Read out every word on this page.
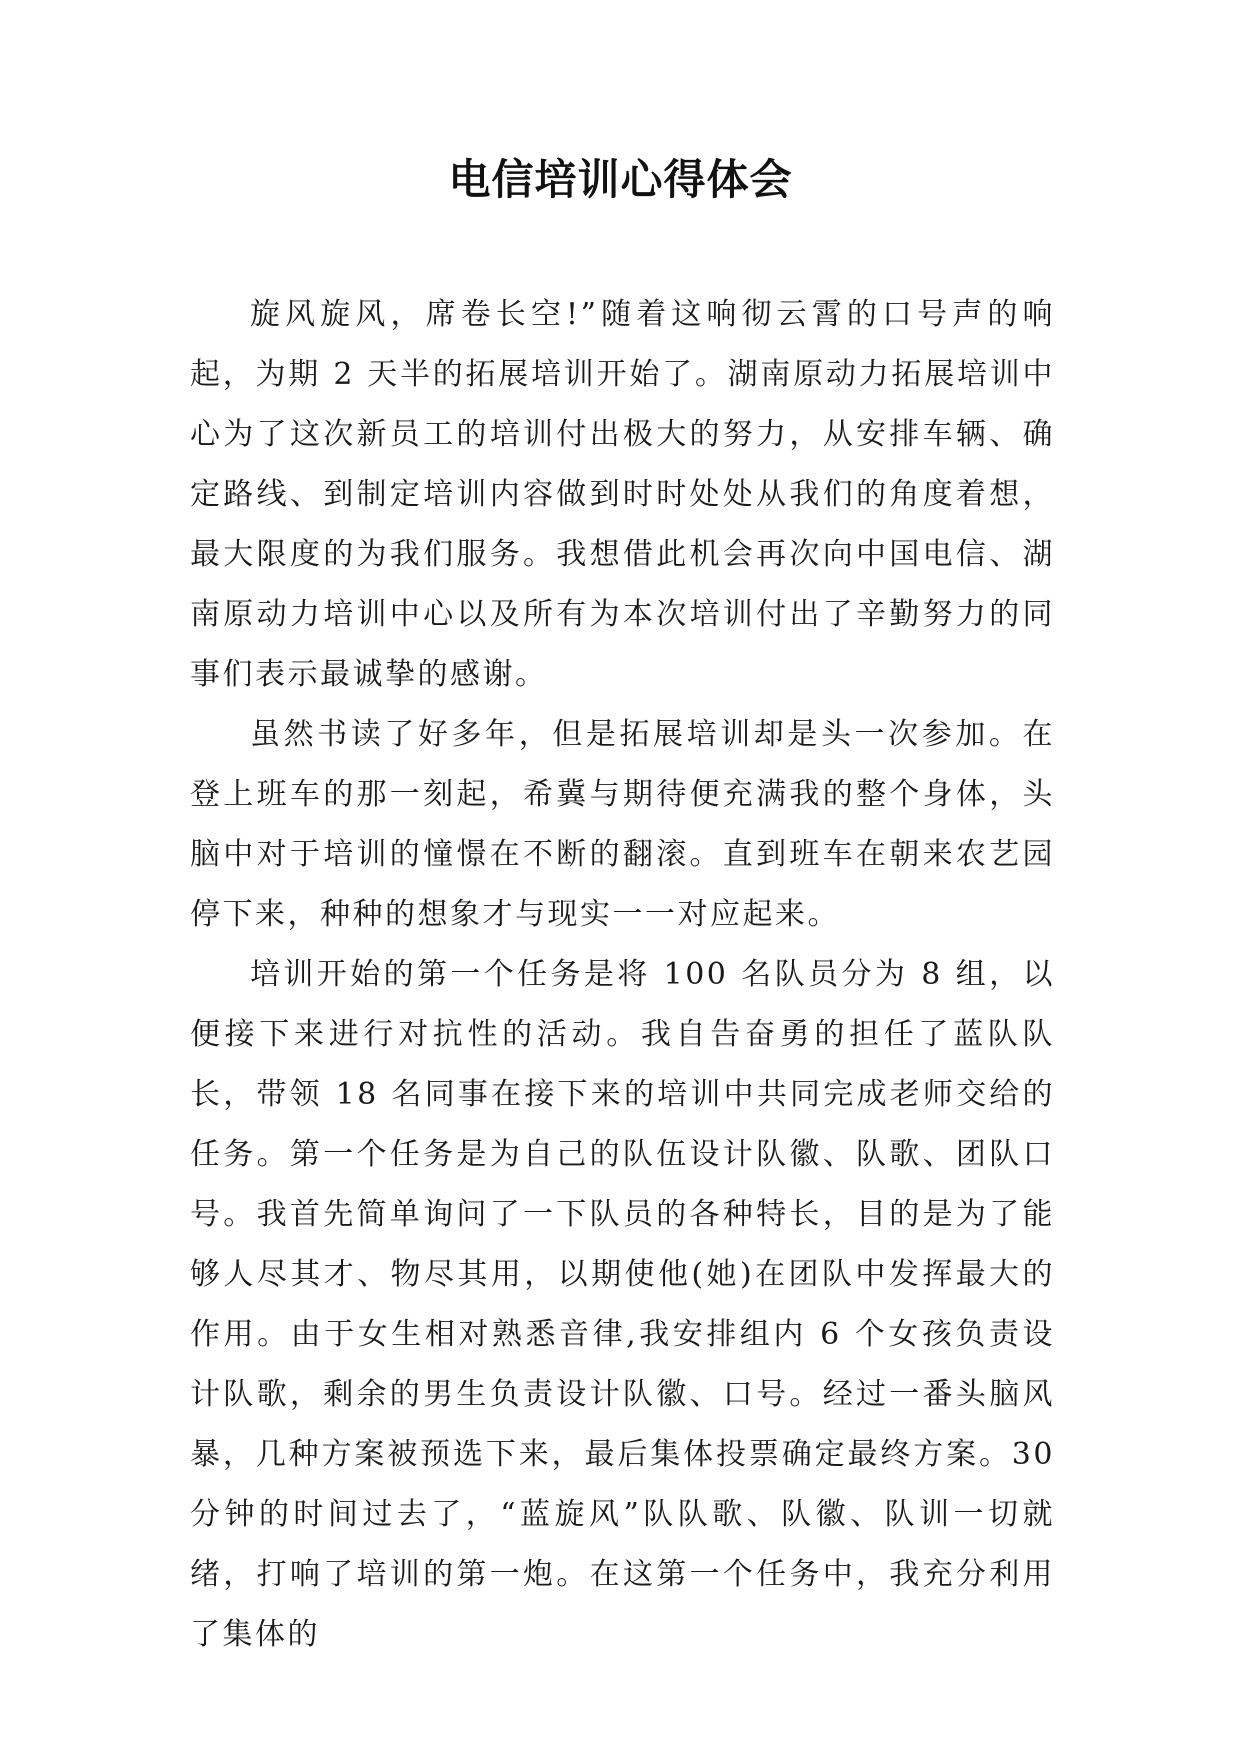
电信培训心得体会

旋风旋风，席卷长空!”随着这响彻云霄的口号声的响起，为期 2 天半的拓展培训开始了。湖南原动力拓展培训中心为了这次新员工的培训付出极大的努力，从安排车辆、确定路线、到制定培训内容做到时时处处从我们的角度着想，最大限度的为我们服务。我想借此机会再次向中国电信、湖南原动力培训中心以及所有为本次培训付出了辛勤努力的同事们表示最诚挚的感谢。

虽然书读了好多年，但是拓展培训却是头一次参加。在登上班车的那一刻起，希冀与期待便充满我的整个身体，头脑中对于培训的憧憬在不断的翻滚。直到班车在朝来农艺园停下来，种种的想象才与现实一一对应起来。

培训开始的第一个任务是将 100 名队员分为 8 组，以便接下来进行对抗性的活动。我自告奋勇的担任了蓝队队长，带领 18 名同事在接下来的培训中共同完成老师交给的任务。第一个任务是为自己的队伍设计队徽、队歌、团队口号。我首先简单询问了一下队员的各种特长，目的是为了能够人尽其才、物尽其用，以期使他(她)在团队中发挥最大的作用。由于女生相对熟悉音律,我安排组内 6 个女孩负责设计队歌，剩余的男生负责设计队徽、口号。经过一番头脑风暴，几种方案被预选下来，最后集体投票确定最终方案。30 分钟的时间过去了，“蓝旋风”队队歌、队徽、队训一切就绪，打响了培训的第一炮。在这第一个任务中，我充分利用了集体的
